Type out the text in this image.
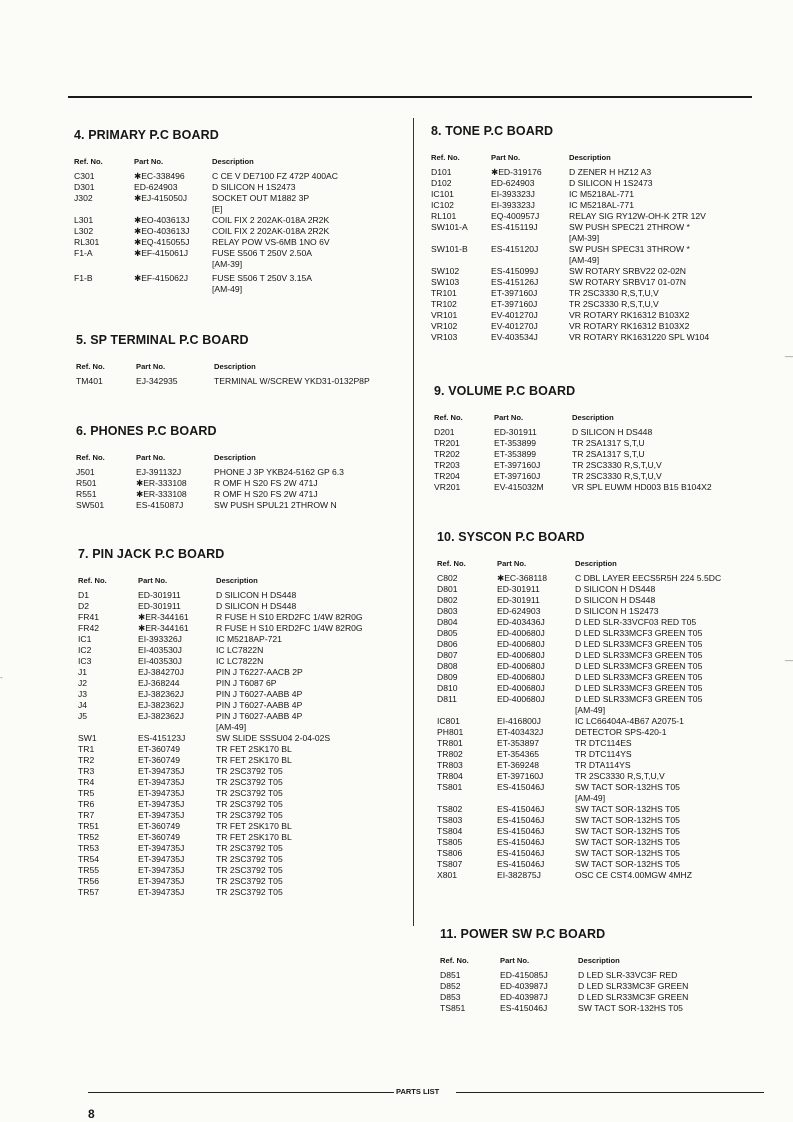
4. PRIMARY P.C BOARD
Ref. No.	Part No.	Description
C301	✱EC-338496	C CE V DE7100 FZ 472P 400AC
D301	ED-624903	D SILICON H 1S2473
J302	✱EJ-415050J	SOCKET OUT M1882 3P
[E]
L301	✱EO-403613J	COIL FIX 2 202AK-018A 2R2K
L302	✱EO-403613J	COIL FIX 2 202AK-018A 2R2K
RL301	✱EQ-415055J	RELAY POW VS-6MB 1NO 6V
F1-A	✱EF-415061J	FUSE S506 T 250V 2.50A
[AM-39]
F1-B	✱EF-415062J	FUSE S506 T 250V 3.15A
[AM-49]
5. SP TERMINAL P.C BOARD
Ref. No.	Part No.	Description
TM401	EJ-342935	TERMINAL W/SCREW YKD31-0132P8P
6. PHONES P.C BOARD
Ref. No.	Part No.	Description
J501	EJ-391132J	PHONE J 3P YKB24-5162 GP 6.3
R501	✱ER-333108	R OMF H S20 FS 2W 471J
R551	✱ER-333108	R OMF H S20 FS 2W 471J
SW501	ES-415087J	SW PUSH SPUL21 2THROW N
7. PIN JACK P.C BOARD
Ref. No.	Part No.	Description
D1	ED-301911	D SILICON H DS448
D2	ED-301911	D SILICON H DS448
FR41	✱ER-344161	R FUSE H S10 ERD2FC 1/4W 82R0G
FR42	✱ER-344161	R FUSE H S10 ERD2FC 1/4W 82R0G
IC1	EI-393326J	IC M5218AP-721
IC2	EI-403530J	IC LC7822N
IC3	EI-403530J	IC LC7822N
J1	EJ-384270J	PIN J T6227-AACB 2P
J2	EJ-368244	PIN J T6087 6P
J3	EJ-382362J	PIN J T6027-AABB 4P
J4	EJ-382362J	PIN J T6027-AABB 4P
J5	EJ-382362J	PIN J T6027-AABB 4P
[AM-49]
SW1	ES-415123J	SW SLIDE SSSU04 2-04-02S
TR1	ET-360749	TR FET 2SK170 BL
TR2	ET-360749	TR FET 2SK170 BL
TR3	ET-394735J	TR 2SC3792 T05
TR4	ET-394735J	TR 2SC3792 T05
TR5	ET-394735J	TR 2SC3792 T05
TR6	ET-394735J	TR 2SC3792 T05
TR7	ET-394735J	TR 2SC3792 T05
TR51	ET-360749	TR FET 2SK170 BL
TR52	ET-360749	TR FET 2SK170 BL
TR53	ET-394735J	TR 2SC3792 T05
TR54	ET-394735J	TR 2SC3792 T05
TR55	ET-394735J	TR 2SC3792 T05
TR56	ET-394735J	TR 2SC3792 T05
TR57	ET-394735J	TR 2SC3792 T05
8. TONE P.C BOARD
Ref. No.	Part No.	Description
D101	✱ED-319176	D ZENER H HZ12 A3
D102	ED-624903	D SILICON H 1S2473
IC101	EI-393323J	IC M5218AL-771
IC102	EI-393323J	IC M5218AL-771
RL101	EQ-400957J	RELAY SIG RY12W-OH-K 2TR 12V
SW101-A	ES-415119J	SW PUSH SPEC21 2THROW *
[AM-39]
SW101-B	ES-415120J	SW PUSH SPEC31 3THROW *
[AM-49]
SW102	ES-415099J	SW ROTARY SRBV22 02-02N
SW103	ES-415126J	SW ROTARY SRBV17 01-07N
TR101	ET-397160J	TR 2SC3330 R,S,T,U,V
TR102	ET-397160J	TR 2SC3330 R,S,T,U,V
VR101	EV-401270J	VR ROTARY RK16312 B103X2
VR102	EV-401270J	VR ROTARY RK16312 B103X2
VR103	EV-403534J	VR ROTARY RK1631220 SPL W104
9. VOLUME P.C BOARD
Ref. No.	Part No.	Description
D201	ED-301911	D SILICON H DS448
TR201	ET-353899	TR 2SA1317 S,T,U
TR202	ET-353899	TR 2SA1317 S,T,U
TR203	ET-397160J	TR 2SC3330 R,S,T,U,V
TR204	ET-397160J	TR 2SC3330 R,S,T,U,V
VR201	EV-415032M	VR SPL EUWM HD003 B15 B104X2
10. SYSCON P.C BOARD
Ref. No.	Part No.	Description
C802	✱EC-368118	C DBL LAYER EECS5R5H 224 5.5DC
D801	ED-301911	D SILICON H DS448
D802	ED-301911	D SILICON H DS448
D803	ED-624903	D SILICON H 1S2473
D804	ED-403436J	D LED SLR-33VCF03 RED T05
D805	ED-400680J	D LED SLR33MCF3 GREEN T05
D806	ED-400680J	D LED SLR33MCF3 GREEN T05
D807	ED-400680J	D LED SLR33MCF3 GREEN T05
D808	ED-400680J	D LED SLR33MCF3 GREEN T05
D809	ED-400680J	D LED SLR33MCF3 GREEN T05
D810	ED-400680J	D LED SLR33MCF3 GREEN T05
D811	ED-400680J	D LED SLR33MCF3 GREEN T05
[AM-49]
IC801	EI-416800J	IC LC66404A-4B67 A2075-1
PH801	ET-403432J	DETECTOR SPS-420-1
TR801	ET-353897	TR DTC114ES
TR802	ET-354365	TR DTC114YS
TR803	ET-369248	TR DTA114YS
TR804	ET-397160J	TR 2SC3330 R,S,T,U,V
TS801	ES-415046J	SW TACT SOR-132HS T05
[AM-49]
TS802	ES-415046J	SW TACT SOR-132HS T05
TS803	ES-415046J	SW TACT SOR-132HS T05
TS804	ES-415046J	SW TACT SOR-132HS T05
TS805	ES-415046J	SW TACT SOR-132HS T05
TS806	ES-415046J	SW TACT SOR-132HS T05
TS807	ES-415046J	SW TACT SOR-132HS T05
X801	EI-382875J	OSC CE CST4.00MGW 4MHZ
11. POWER SW P.C BOARD
Ref. No.	Part No.	Description
D851	ED-415085J	D LED SLR-33VC3F RED
D852	ED-403987J	D LED SLR33MC3F GREEN
D853	ED-403987J	D LED SLR33MC3F GREEN
TS851	ES-415046J	SW TACT SOR-132HS T05
-
—
—
PARTS LIST
8
